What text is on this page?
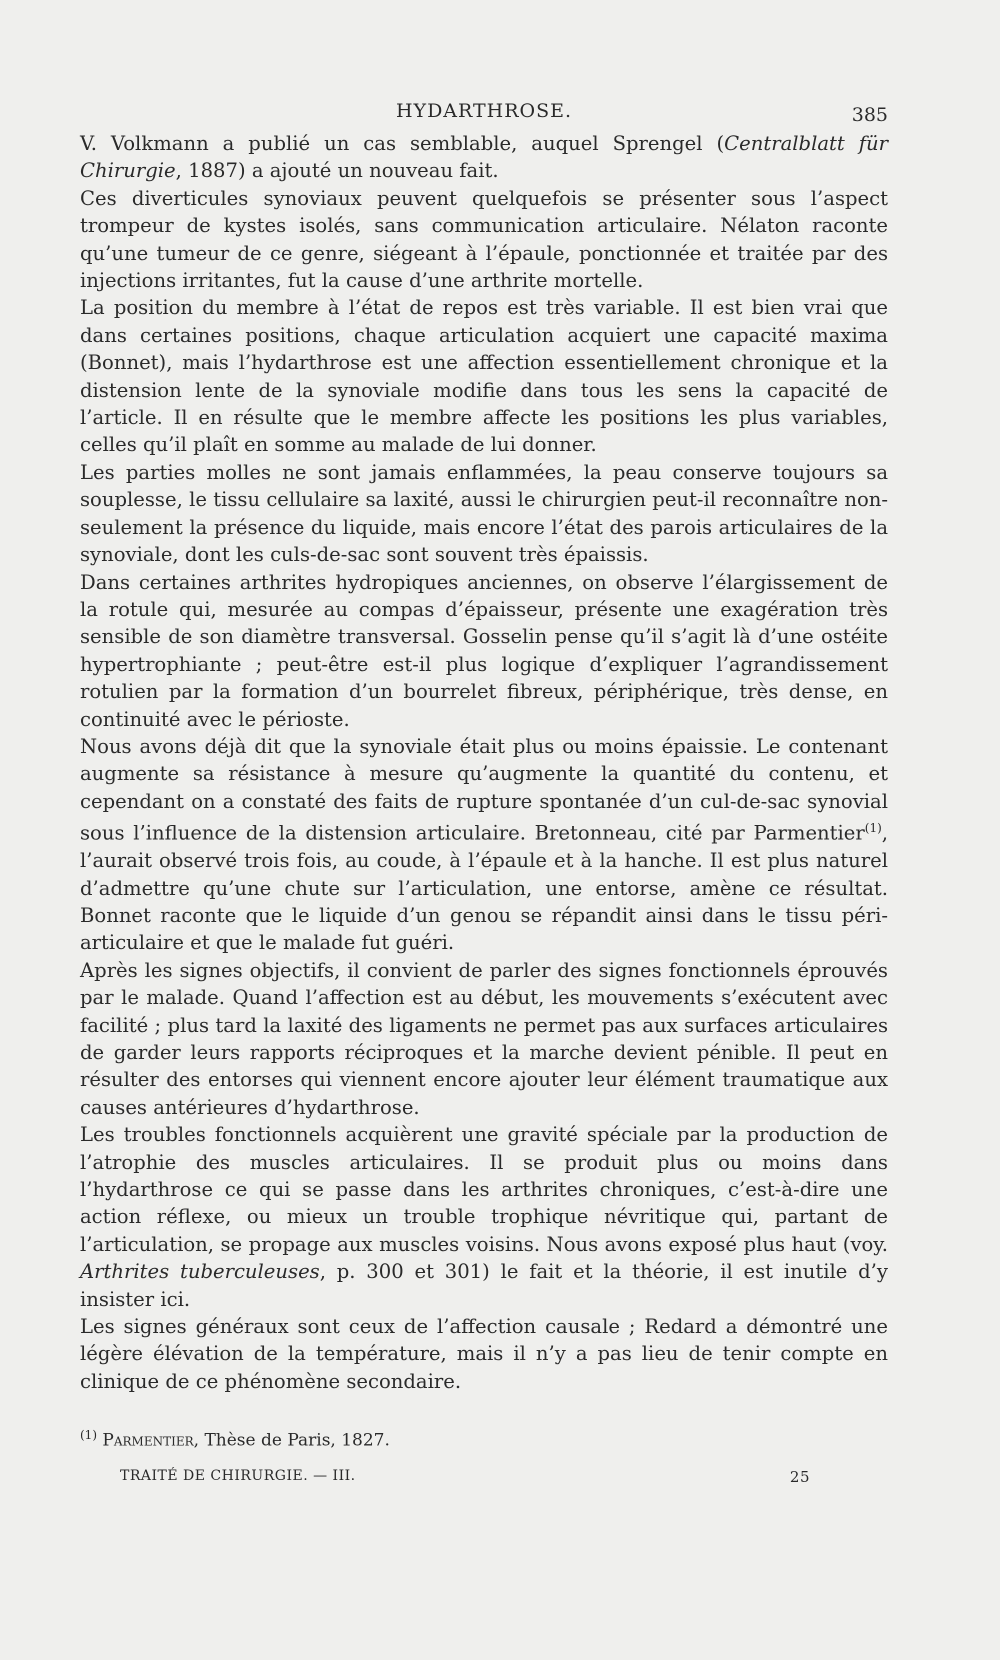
HYDARTHROSE.	385

V. Volkmann a publié un cas semblable, auquel Sprengel (Centralblatt für Chirurgie, 1887) a ajouté un nouveau fait.

Ces diverticules synoviaux peuvent quelquefois se présenter sous l’aspect trompeur de kystes isolés, sans communication articulaire. Nélaton raconte qu’une tumeur de ce genre, siégeant à l’épaule, ponctionnée et traitée par des injections irritantes, fut la cause d’une arthrite mortelle.

La position du membre à l’état de repos est très variable. Il est bien vrai que dans certaines positions, chaque articulation acquiert une capacité maxima (Bonnet), mais l’hydarthrose est une affection essentiellement chronique et la distension lente de la synoviale modifie dans tous les sens la capacité de l’article. Il en résulte que le membre affecte les positions les plus variables, celles qu’il plaît en somme au malade de lui donner.

Les parties molles ne sont jamais enflammées, la peau conserve toujours sa souplesse, le tissu cellulaire sa laxité, aussi le chirurgien peut-il reconnaître non-seulement la présence du liquide, mais encore l’état des parois articulaires de la synoviale, dont les culs-de-sac sont souvent très épaissis.

Dans certaines arthrites hydropiques anciennes, on observe l’élargissement de la rotule qui, mesurée au compas d’épaisseur, présente une exagération très sensible de son diamètre transversal. Gosselin pense qu’il s’agit là d’une ostéite hypertrophiante ; peut-être est-il plus logique d’expliquer l’agrandissement rotulien par la formation d’un bourrelet fibreux, périphérique, très dense, en continuité avec le périoste.

Nous avons déjà dit que la synoviale était plus ou moins épaissie. Le contenant augmente sa résistance à mesure qu’augmente la quantité du contenu, et cependant on a constaté des faits de rupture spontanée d’un cul-de-sac synovial sous l’influence de la distension articulaire. Bretonneau, cité par Parmentier$^{(1)}$, l’aurait observé trois fois, au coude, à l’épaule et à la hanche. Il est plus naturel d’admettre qu’une chute sur l’articulation, une entorse, amène ce résultat. Bonnet raconte que le liquide d’un genou se répandit ainsi dans le tissu péri-articulaire et que le malade fut guéri.

Après les signes objectifs, il convient de parler des signes fonctionnels éprouvés par le malade. Quand l’affection est au début, les mouvements s’exécutent avec facilité ; plus tard la laxité des ligaments ne permet pas aux surfaces articulaires de garder leurs rapports réciproques et la marche devient pénible. Il peut en résulter des entorses qui viennent encore ajouter leur élément traumatique aux causes antérieures d’hydarthrose.

Les troubles fonctionnels acquièrent une gravité spéciale par la production de l’atrophie des muscles articulaires. Il se produit plus ou moins dans l’hydarthrose ce qui se passe dans les arthrites chroniques, c’est-à-dire une action réflexe, ou mieux un trouble trophique névritique qui, partant de l’articulation, se propage aux muscles voisins. Nous avons exposé plus haut (voy. Arthrites tuberculeuses, p. 300 et 301) le fait et la théorie, il est inutile d’y insister ici.

Les signes généraux sont ceux de l’affection causale ; Redard a démontré une légère élévation de la température, mais il n’y a pas lieu de tenir compte en clinique de ce phénomène secondaire.

$^{(1)}$ Parmentier, Thèse de Paris, 1827.
TRAITÉ DE CHIRURGIE. — III.	25
